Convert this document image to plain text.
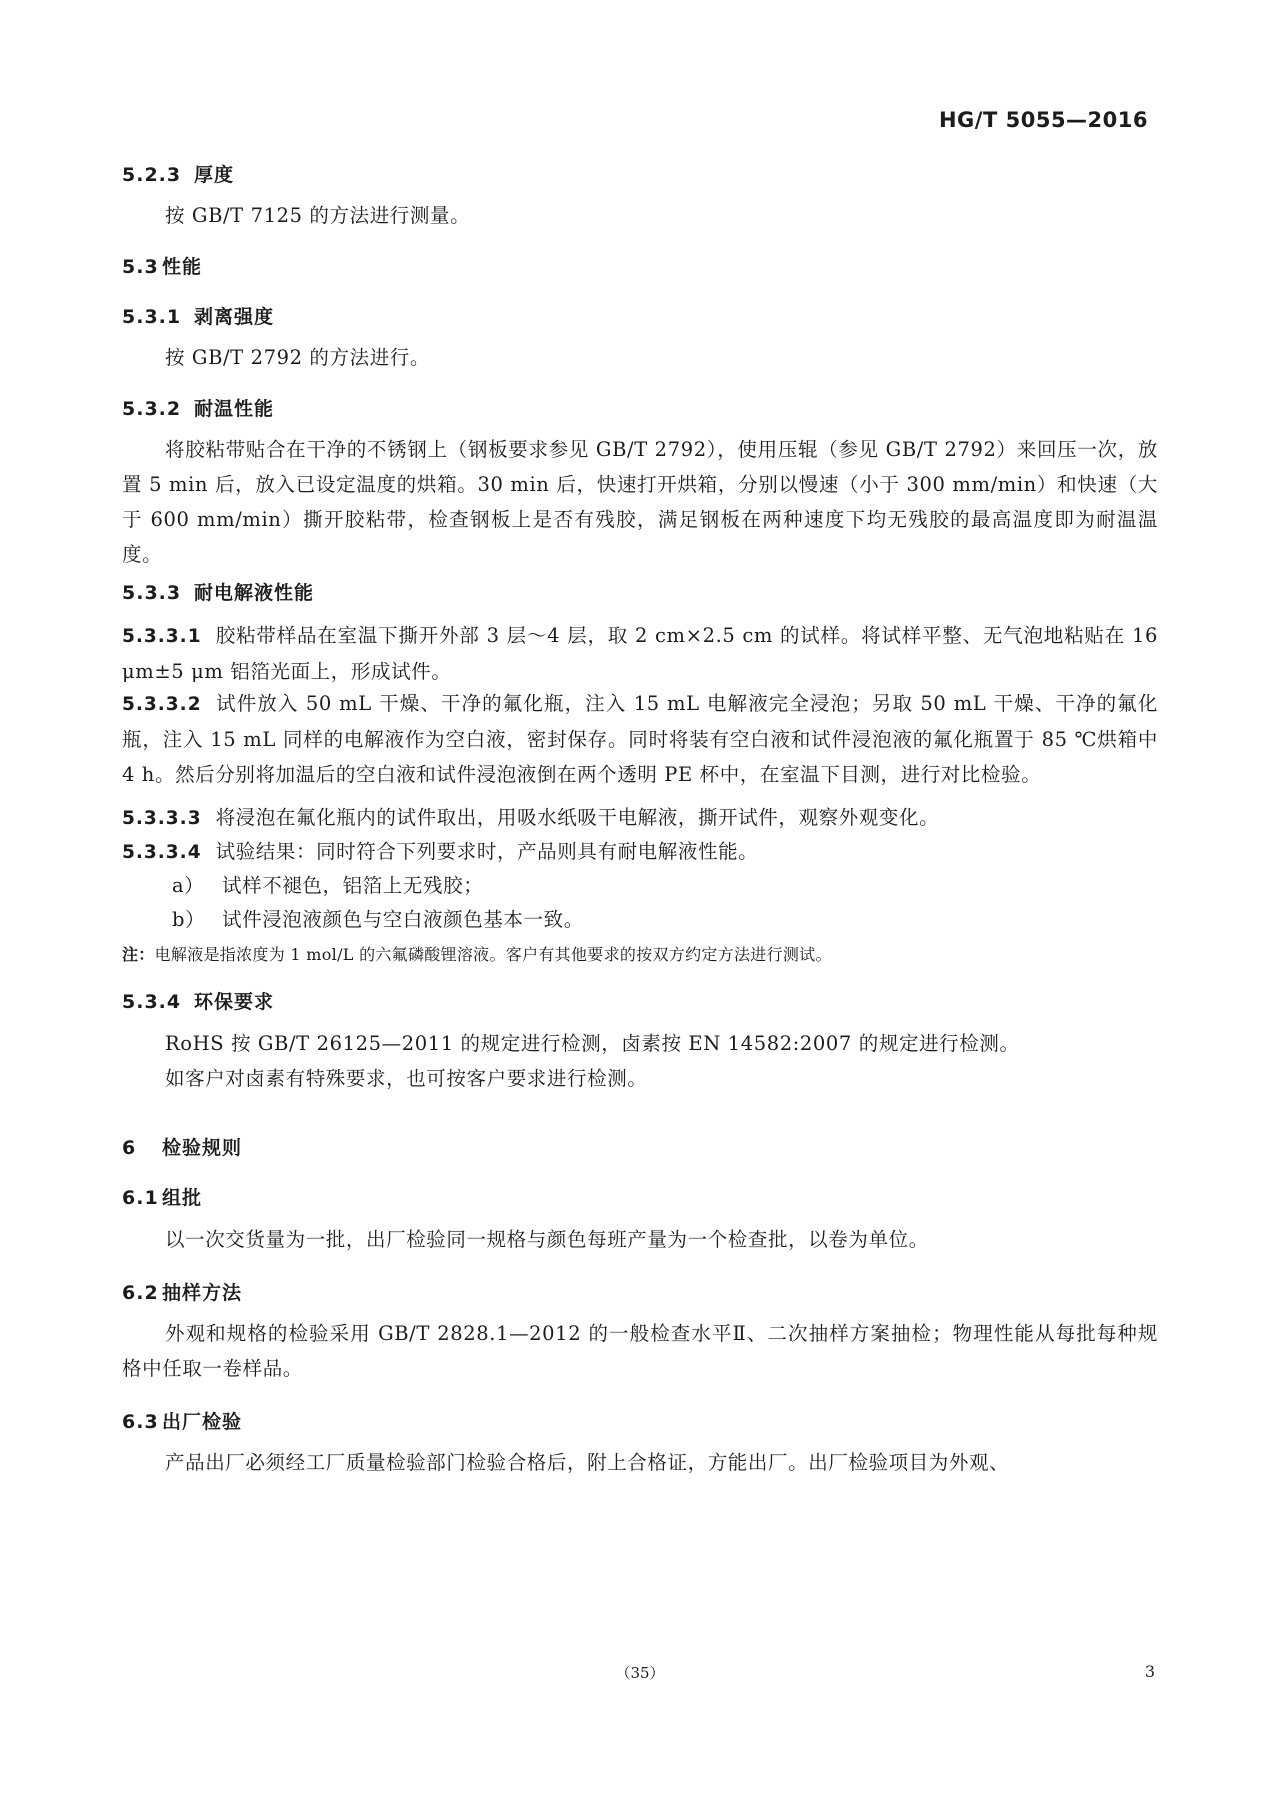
HG/T 5055—2016
5.2.3 厚度
按 GB/T 7125 的方法进行测量。
5.3 性能
5.3.1 剥离强度
按 GB/T 2792 的方法进行。
5.3.2 耐温性能
将胶粘带贴合在干净的不锈钢上（钢板要求参见 GB/T 2792），使用压辊（参见 GB/T 2792）来回压一次，放置 5 min 后，放入已设定温度的烘箱。30 min 后，快速打开烘箱，分别以慢速（小于 300 mm/min）和快速（大于 600 mm/min）撕开胶粘带，检查钢板上是否有残胶，满足钢板在两种速度下均无残胶的最高温度即为耐温温度。
5.3.3 耐电解液性能
5.3.3.1 胶粘带样品在室温下撕开外部 3 层～4 层，取 2 cm×2.5 cm 的试样。将试样平整、无气泡地粘贴在 16 μm±5 μm 铝箔光面上，形成试件。
5.3.3.2 试件放入 50 mL 干燥、干净的氟化瓶，注入 15 mL 电解液完全浸泡；另取 50 mL 干燥、干净的氟化瓶，注入 15 mL 同样的电解液作为空白液，密封保存。同时将装有空白液和试件浸泡液的氟化瓶置于 85 ℃烘箱中 4 h。然后分别将加温后的空白液和试件浸泡液倒在两个透明 PE 杯中，在室温下目测，进行对比检验。
5.3.3.3 将浸泡在氟化瓶内的试件取出，用吸水纸吸干电解液，撕开试件，观察外观变化。
5.3.3.4 试验结果：同时符合下列要求时，产品则具有耐电解液性能。
a） 试样不褪色，铝箔上无残胶；
b） 试件浸泡液颜色与空白液颜色基本一致。
注：电解液是指浓度为 1 mol/L 的六氟磷酸锂溶液。客户有其他要求的按双方约定方法进行测试。
5.3.4 环保要求
RoHS 按 GB/T 26125—2011 的规定进行检测，卤素按 EN 14582:2007 的规定进行检测。
如客户对卤素有特殊要求，也可按客户要求进行检测。
6 检验规则
6.1 组批
以一次交货量为一批，出厂检验同一规格与颜色每班产量为一个检查批，以卷为单位。
6.2 抽样方法
外观和规格的检验采用 GB/T 2828.1—2012 的一般检查水平Ⅱ、二次抽样方案抽检；物理性能从每批每种规格中任取一卷样品。
6.3 出厂检验
产品出厂必须经工厂质量检验部门检验合格后，附上合格证，方能出厂。出厂检验项目为外观、
（35）	3
